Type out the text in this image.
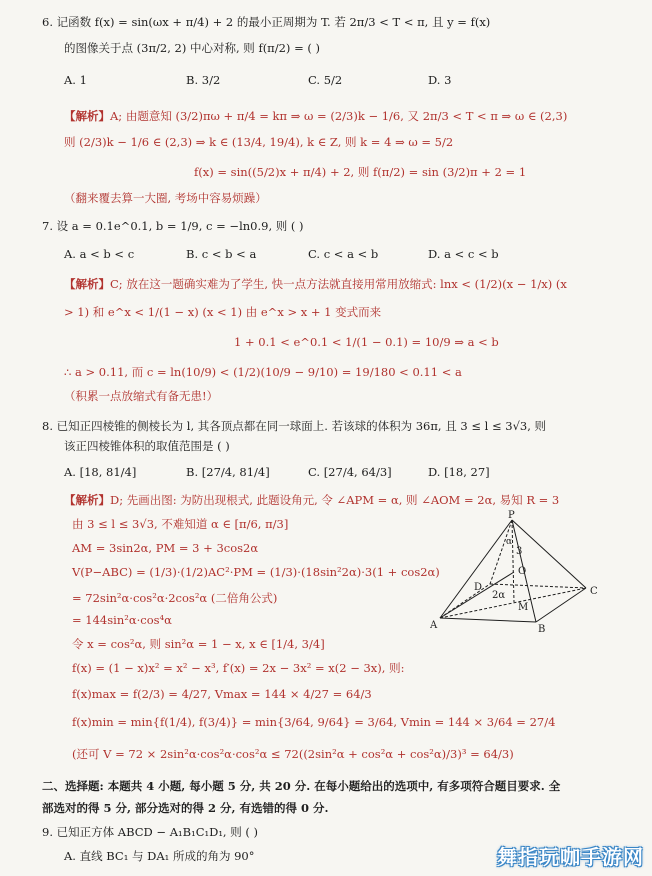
6. 记函数 f(x) = sin(ωx + π/4) + 2 的最小正周期为 T. 若 2π/3 < T < π, 且 y = f(x)
的图像关于点 (3π/2, 2) 中心对称, 则 f(π/2) = ( )
A. 1	B. 3/2	C. 5/2	D. 3
【解析】A; 由题意知 (3/2)πω + π/4 = kπ ⇒ ω = (2/3)k − 1/6, 又 2π/3 < T < π ⇒ ω ∈ (2,3)
则 (2/3)k − 1/6 ∈ (2,3) ⇒ k ∈ (13/4, 19/4), k ∈ Z, 则 k = 4 ⇒ ω = 5/2
f(x) = sin((5/2)x + π/4) + 2, 则 f(π/2) = sin (3/2)π + 2 = 1
（翻来覆去算一大圈, 考场中容易烦躁）
7. 设 a = 0.1e^0.1, b = 1/9, c = −ln0.9, 则 ( )
A. a < b < c	B. c < b < a	C. c < a < b	D. a < c < b
【解析】C; 放在这一题确实难为了学生, 快一点方法就直接用常用放缩式: lnx < (1/2)(x − 1/x) (x
> 1) 和 e^x < 1/(1 − x) (x < 1) 由 e^x > x + 1 变式而来
1 + 0.1 < e^0.1 < 1/(1 − 0.1) = 10/9 ⇒ a < b
∴ a > 0.11, 而 c = ln(10/9) < (1/2)(10/9 − 9/10) = 19/180 < 0.11 < a
（积累一点放缩式有备无患!）
8. 已知正四棱锥的侧棱长为 l, 其各顶点都在同一球面上. 若该球的体积为 36π, 且 3 ≤ l ≤ 3√3, 则
该正四棱锥体积的取值范围是 ( )
A. [18, 81/4]	B. [27/4, 81/4]	C. [27/4, 64/3]	D. [18, 27]
【解析】D; 先画出图: 为防出现根式, 此题设角元, 令 ∠APM = α, 则 ∠AOM = 2α, 易知 R = 3
由 3 ≤ l ≤ 3√3, 不难知道 α ∈ [π/6, π/3]
AM = 3sin2α, PM = 3 + 3cos2α
V(P−ABC) = (1/3)·(1/2)AC²·PM = (1/3)·(18sin²2α)·3(1 + cos2α)
= 72sin²α·cos²α·2cos²α (二倍角公式)
= 144sin²α·cos⁴α
令 x = cos²α, 则 sin²α = 1 − x, x ∈ [1/4, 3/4]
f(x) = (1 − x)x² = x² − x³, f′(x) = 2x − 3x² = x(2 − 3x), 则:
f(x)max = f(2/3) = 4/27, Vmax = 144 × 4/27 = 64/3
f(x)min = min{f(1/4), f(3/4)} = min{3/64, 9/64} = 3/64, Vmin = 144 × 3/64 = 27/4
(还可 V = 72 × 2sin²α·cos²α·cos²α ≤ 72((2sin²α + cos²α + cos²α)/3)³ = 64/3)
P
A	B
C
D
O
M
3
2α
α
二、选择题: 本题共 4 小题, 每小题 5 分, 共 20 分. 在每小题给出的选项中, 有多项符合题目要求. 全
部选对的得 5 分, 部分选对的得 2 分, 有选错的得 0 分.
9. 已知正方体 ABCD − A₁B₁C₁D₁, 则 ( )
A. 直线 BC₁ 与 DA₁ 所成的角为 90°	舞指玩咖手游网
